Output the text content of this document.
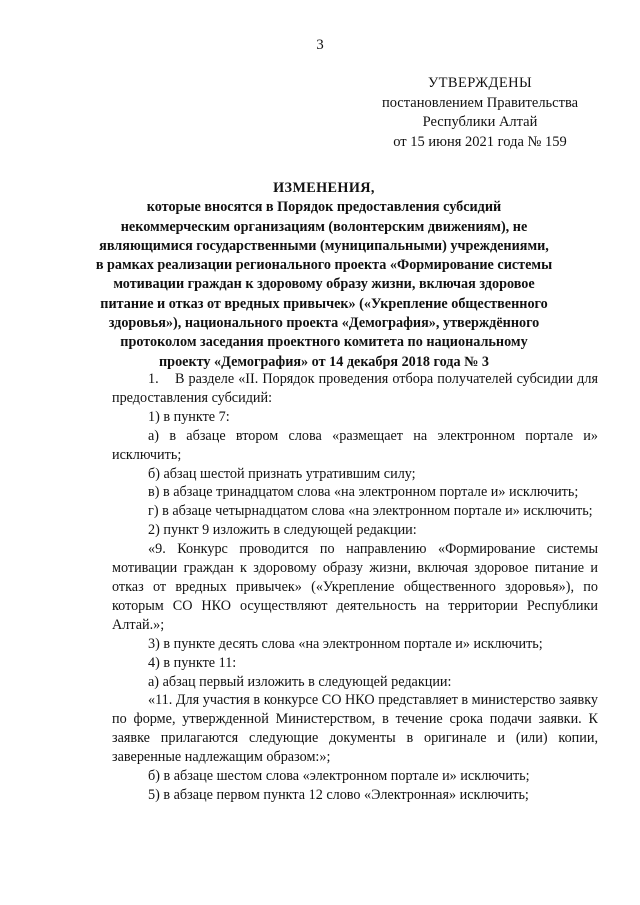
3
УТВЕРЖДЕНЫ
постановлением Правительства
Республики Алтай
от 15 июня 2021 года № 159
ИЗМЕНЕНИЯ,
которые вносятся в Порядок предоставления субсидий
некоммерческим организациям (волонтерским движениям), не
являющимися государственными (муниципальными) учреждениями,
в рамках реализации регионального проекта «Формирование системы
мотивации граждан к здоровому образу жизни, включая здоровое
питание и отказ от вредных привычек» («Укрепление общественного
здоровья»), национального проекта «Демография», утверждённого
протоколом заседания проектного комитета по национальному
проекту «Демография» от 14 декабря 2018 года № 3

1.    В разделе «II. Порядок проведения отбора получателей субсидии для предоставления субсидий:

1) в пункте 7:

а) в абзаце втором слова «размещает на электронном портале и» исключить;

б) абзац шестой признать утратившим силу;

в) в абзаце тринадцатом слова «на электронном портале и» исключить;

г) в абзаце четырнадцатом слова «на электронном портале и» исключить;

2) пункт 9 изложить в следующей редакции:

«9. Конкурс проводится по направлению «Формирование системы мотивации граждан к здоровому образу жизни, включая здоровое питание и отказ от вредных привычек» («Укрепление общественного здоровья»), по которым СО НКО осуществляют деятельность на территории Республики Алтай.»;

3) в пункте десять слова «на электронном портале и» исключить;

4) в пункте 11:

а) абзац первый изложить в следующей редакции:

«11. Для участия в конкурсе СО НКО представляет в министерство заявку по форме, утвержденной Министерством, в течение срока подачи заявки. К заявке прилагаются следующие документы в оригинале и (или) копии, заверенные надлежащим образом:»;

б) в абзаце шестом слова «электронном портале и» исключить;

5) в абзаце первом пункта 12 слово «Электронная» исключить;
